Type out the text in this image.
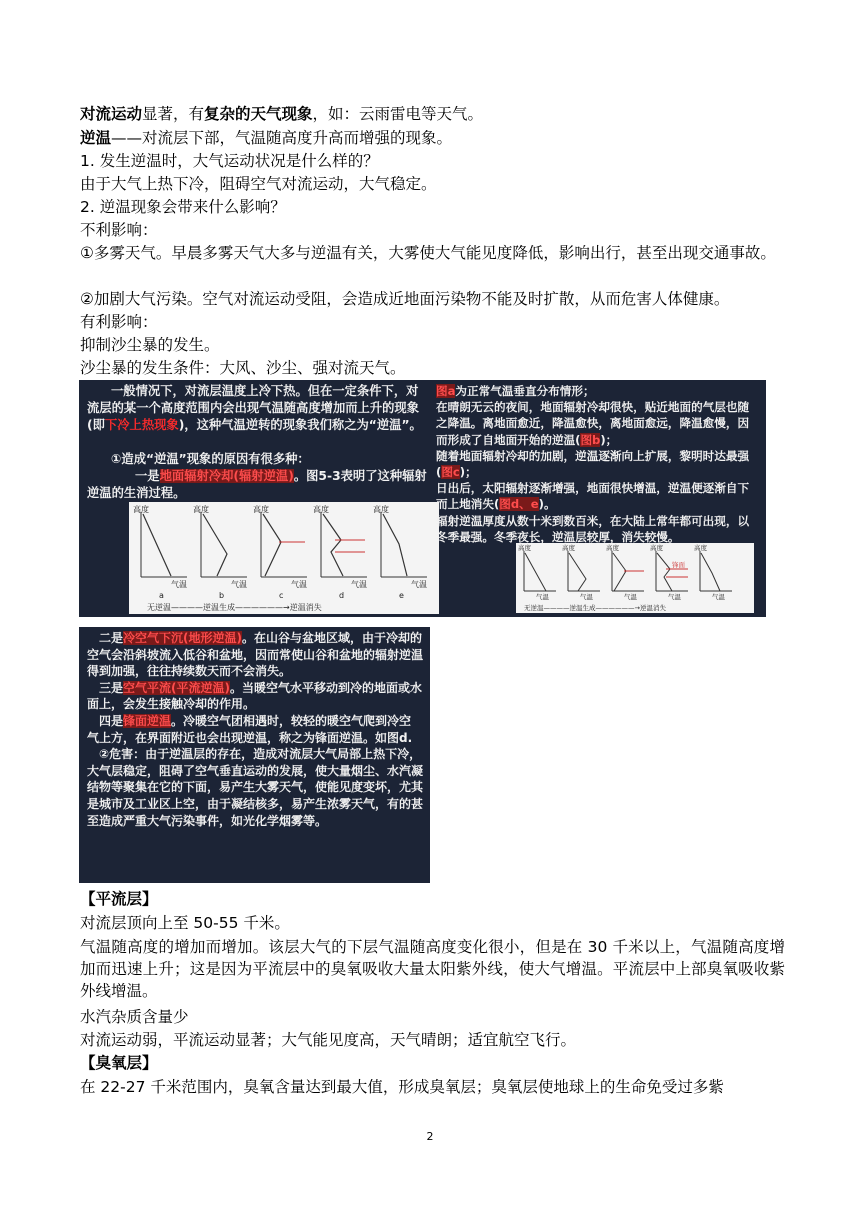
对流运动显著，有复杂的天气现象，如：云雨雷电等天气。
逆温——对流层下部，气温随高度升高而增强的现象。
1. 发生逆温时，大气运动状况是什么样的？
由于大气上热下冷，阻碍空气对流运动，大气稳定。
2. 逆温现象会带来什么影响？
不利影响：
①多雾天气。早晨多雾天气大多与逆温有关，大雾使大气能见度降低，影响出行，甚至出现交通事故。
②加剧大气污染。空气对流运动受阻，会造成近地面污染物不能及时扩散，从而危害人体健康。
有利影响：
抑制沙尘暴的发生。
沙尘暴的发生条件：大风、沙尘、强对流天气。
一般情况下，对流层温度上冷下热。但在一定条件下，对流层的某一个高度范围内会出现气温随高度增加而上升的现象(即下冷上热现象)，这种气温逆转的现象我们称之为“逆温”。
①造成“逆温”现象的原因有很多种：
一是地面辐射冷却(辐射逆温)。图5-3表明了这种辐射逆温的生消过程。
高度	高度	高度	高度	高度
气温	气温	气温	气温	气温
a	b	c	d	e
无逆温————逆温生成——————→逆温消失
图a为正常气温垂直分布情形；
在晴朗无云的夜间，地面辐射冷却很快，贴近地面的气层也随之降温。离地面愈近，降温愈快，离地面愈远，降温愈慢，因而形成了自地面开始的逆温(图b)；
随着地面辐射冷却的加剧，逆温逐渐向上扩展，黎明时达最强(图c)；
日出后，太阳辐射逐渐增强，地面很快增温，逆温便逐渐自下而上地消失(图d、e)。
辐射逆温厚度从数十米到数百米，在大陆上常年都可出现，以冬季最强。冬季夜长，逆温层较厚，消失较慢。
高度	高度	高度	高度	高度
气温	气温	气温	气温	气温
锋面
无逆温————逆温生成——————→逆温消失
二是冷空气下沉(地形逆温)。在山谷与盆地区域，由于冷却的空气会沿斜坡流入低谷和盆地，因而常使山谷和盆地的辐射逆温得到加强，往往持续数天而不会消失。
三是空气平流(平流逆温)。当暖空气水平移动到冷的地面或水面上，会发生接触冷却的作用。
四是锋面逆温。冷暖空气团相遇时，较轻的暖空气爬到冷空气上方，在界面附近也会出现逆温，称之为锋面逆温。如图d.
②危害：由于逆温层的存在，造成对流层大气局部上热下冷，大气层稳定，阻碍了空气垂直运动的发展，使大量烟尘、水汽凝结物等聚集在它的下面，易产生大雾天气，使能见度变坏，尤其是城市及工业区上空，由于凝结核多，易产生浓雾天气，有的甚至造成严重大气污染事件，如光化学烟雾等。
【平流层】
对流层顶向上至 50-55 千米。
气温随高度的增加而增加。该层大气的下层气温随高度变化很小，但是在 30 千米以上，气温随高度增加而迅速上升；这是因为平流层中的臭氧吸收大量太阳紫外线，使大气增温。平流层中上部臭氧吸收紫外线增温。
水汽杂质含量少
对流运动弱，平流运动显著；大气能见度高，天气晴朗；适宜航空飞行。
【臭氧层】
在 22-27 千米范围内，臭氧含量达到最大值，形成臭氧层；臭氧层使地球上的生命免受过多紫
2
